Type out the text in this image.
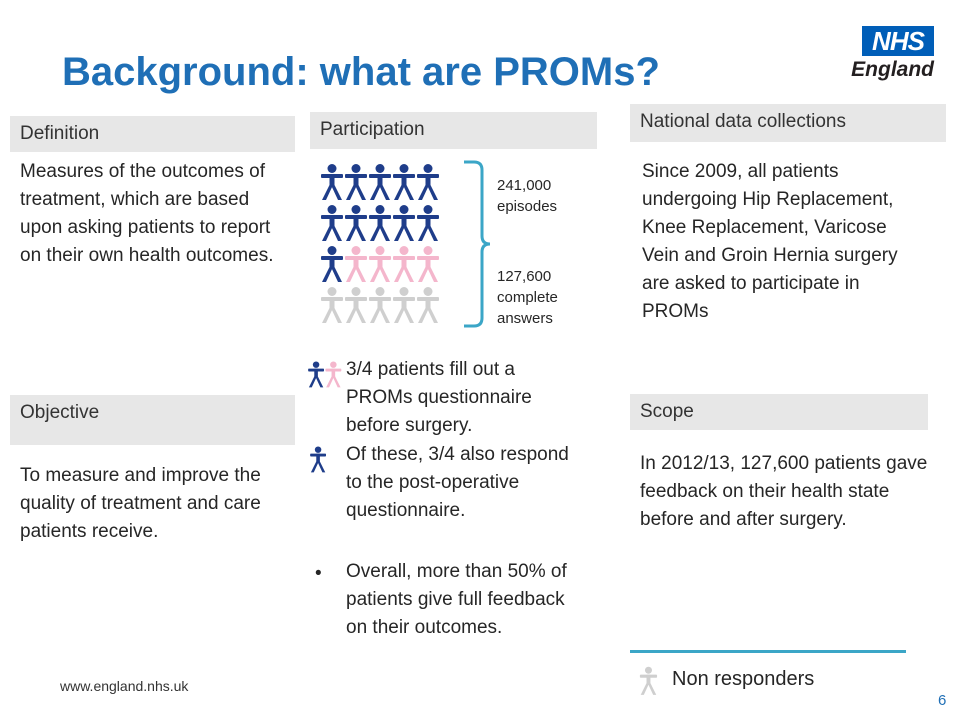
Background: what are PROMs?
NHS
England
Definition
Measures of the outcomes of treatment, which are based upon asking patients to report on their own health outcomes.
Objective
To measure and improve the quality of treatment and care patients receive.
Participation
241,000 episodes
127,600 complete answers
•
3/4 patients fill out a PROMs questionnaire before surgery.
Of these, 3/4 also respond to the post-operative questionnaire.
Overall, more than 50% of patients give full feedback on their outcomes.
National data collections
Since 2009, all patients undergoing Hip Replacement, Knee Replacement, Varicose Vein and Groin Hernia surgery are asked to participate in PROMs
Scope
In 2012/13, 127,600 patients gave feedback on their health state before and after surgery.
Non responders
www.england.nhs.uk
6
